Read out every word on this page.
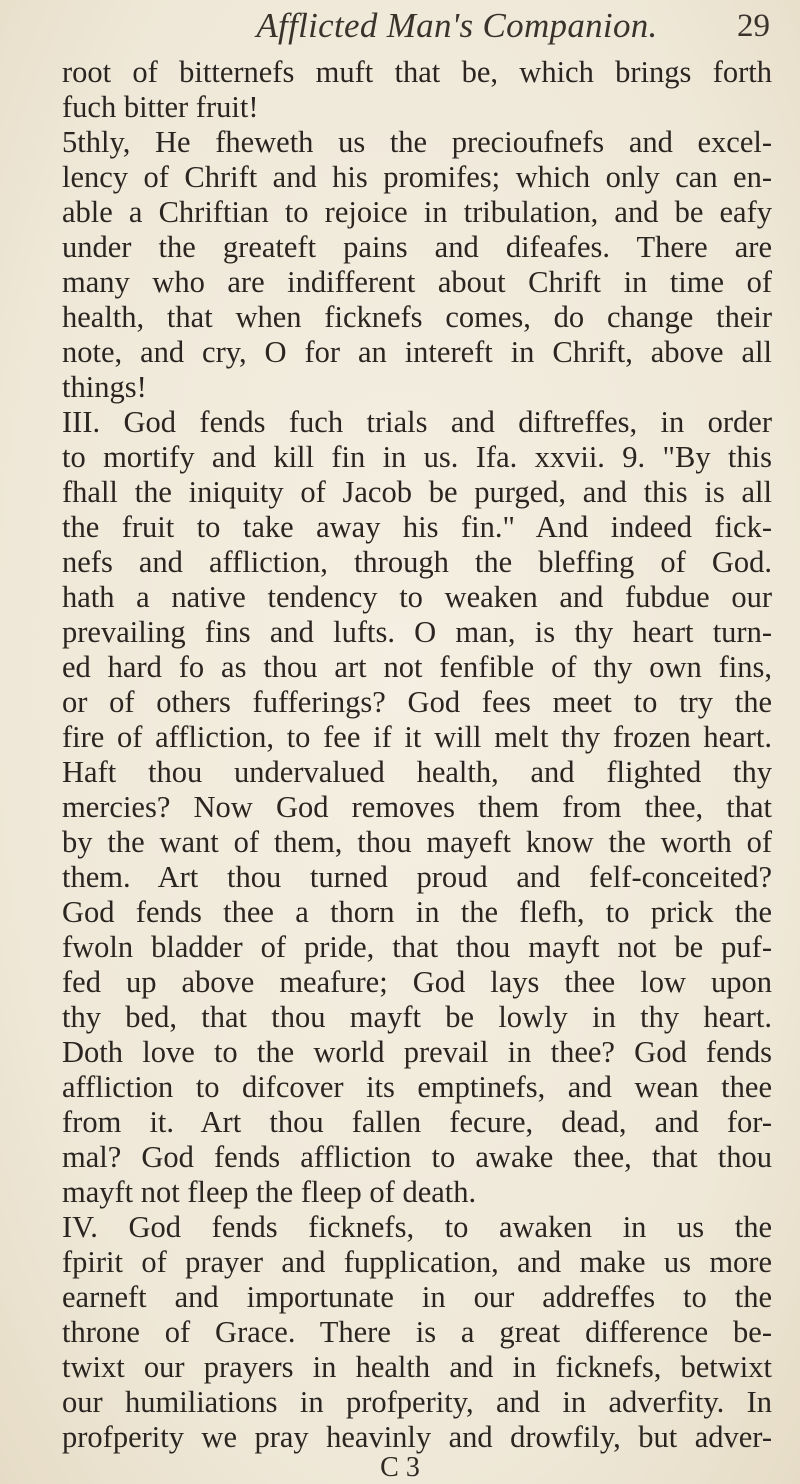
Afflicted Man's Companion.	29
root of bitternefs muft that be, which brings forth
fuch bitter fruit!
5thly, He fheweth us the precioufnefs and excel-
lency of Chrift and his promifes; which only can en-
able a Chriftian to rejoice in tribulation, and be eafy
under the greateft pains and difeafes. There are
many who are indifferent about Chrift in time of
health, that when ficknefs comes, do change their
note, and cry, O for an intereft in Chrift, above all
things!
III. God fends fuch trials and diftreffes, in order
to mortify and kill fin in us. Ifa. xxvii. 9. "By this
fhall the iniquity of Jacob be purged, and this is all
the fruit to take away his fin." And indeed fick-
nefs and affliction, through the bleffing of God.
hath a native tendency to weaken and fubdue our
prevailing fins and lufts. O man, is thy heart turn-
ed hard fo as thou art not fenfible of thy own fins,
or of others fufferings? God fees meet to try the
fire of affliction, to fee if it will melt thy frozen heart.
Haft thou undervalued health, and flighted thy
mercies? Now God removes them from thee, that
by the want of them, thou mayeft know the worth of
them. Art thou turned proud and felf-conceited?
God fends thee a thorn in the flefh, to prick the
fwoln bladder of pride, that thou mayft not be puf-
fed up above meafure; God lays thee low upon
thy bed, that thou mayft be lowly in thy heart.
Doth love to the world prevail in thee? God fends
affliction to difcover its emptinefs, and wean thee
from it. Art thou fallen fecure, dead, and for-
mal? God fends affliction to awake thee, that thou
mayft not fleep the fleep of death.
IV. God fends ficknefs, to awaken in us the
fpirit of prayer and fupplication, and make us more
earneft and importunate in our addreffes to the
throne of Grace. There is a great difference be-
twixt our prayers in health and in ficknefs, betwixt
our humiliations in profperity, and in adverfity. In
profperity we pray heavinly and drowfily, but adver-
C 3
